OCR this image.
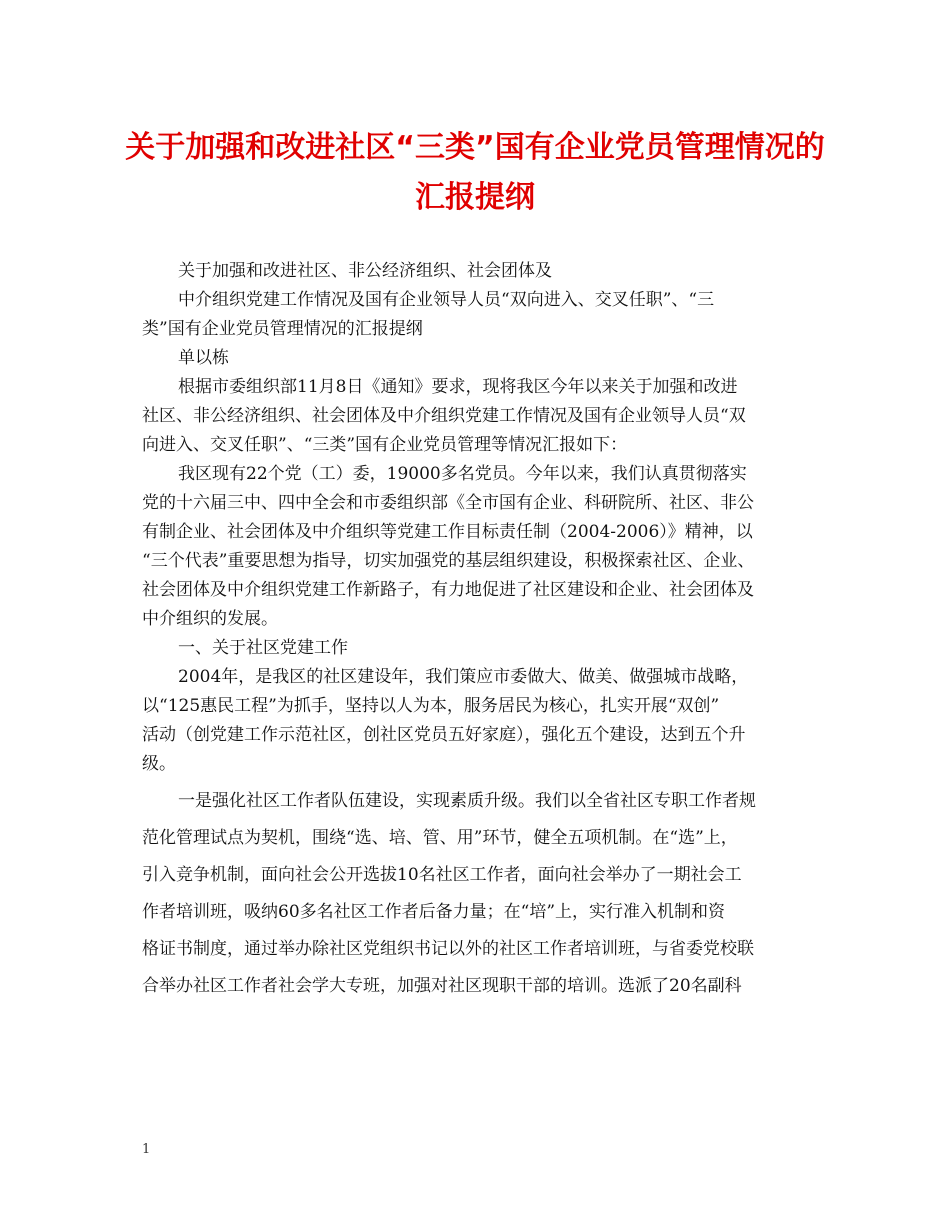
关于加强和改进社区“三类”国有企业党员管理情况的
汇报提纲
关于加强和改进社区、非公经济组织、社会团体及
中介组织党建工作情况及国有企业领导人员“双向进入、交叉任职”、“三
类”国有企业党员管理情况的汇报提纲
单以栋
根据市委组织部11月8日《通知》要求，现将我区今年以来关于加强和改进
社区、非公经济组织、社会团体及中介组织党建工作情况及国有企业领导人员“双
向进入、交叉任职”、“三类”国有企业党员管理等情况汇报如下：
我区现有22个党（工）委，19000多名党员。今年以来，我们认真贯彻落实
党的十六届三中、四中全会和市委组织部《全市国有企业、科研院所、社区、非公
有制企业、社会团体及中介组织等党建工作目标责任制（2004-2006）》精神，以
“三个代表”重要思想为指导，切实加强党的基层组织建设，积极探索社区、企业、
社会团体及中介组织党建工作新路子，有力地促进了社区建设和企业、社会团体及
中介组织的发展。
一、关于社区党建工作
2004年，是我区的社区建设年，我们策应市委做大、做美、做强城市战略，
以“125惠民工程”为抓手，坚持以人为本，服务居民为核心，扎实开展“双创”
活动（创党建工作示范社区，创社区党员五好家庭），强化五个建设，达到五个升
级。
一是强化社区工作者队伍建设，实现素质升级。我们以全省社区专职工作者规
范化管理试点为契机，围绕“选、培、管、用”环节，健全五项机制。在“选”上，
引入竞争机制，面向社会公开选拔10名社区工作者，面向社会举办了一期社会工
作者培训班，吸纳60多名社区工作者后备力量；在“培”上，实行准入机制和资
格证书制度，通过举办除社区党组织书记以外的社区工作者培训班，与省委党校联
合举办社区工作者社会学大专班，加强对社区现职干部的培训。选派了20名副科
1
